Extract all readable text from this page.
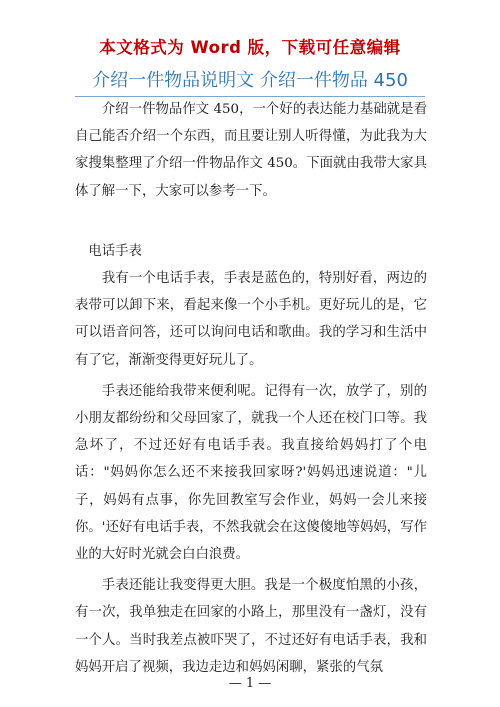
本文格式为 Word 版，下载可任意编辑
介绍一件物品说明文 介绍一件物品 450

介绍一件物品作文 450，一个好的表达能力基础就是看自己能否介绍一个东西，而且要让别人听得懂，为此我为大家搜集整理了介绍一件物品作文 450。下面就由我带大家具体了解一下，大家可以参考一下。

电话手表

我有一个电话手表，手表是蓝色的，特别好看，两边的表带可以卸下来，看起来像一个小手机。更好玩儿的是，它可以语音问答，还可以询问电话和歌曲。我的学习和生活中有了它，渐渐变得更好玩儿了。

手表还能给我带来便利呢。记得有一次，放学了，别的小朋友都纷纷和父母回家了，就我一个人还在校门口等。我急坏了，不过还好有电话手表。我直接给妈妈打了个电话："妈妈你怎么还不来接我回家呀?'妈妈迅速说道："儿子，妈妈有点事，你先回教室写会作业，妈妈一会儿来接你。'还好有电话手表，不然我就会在这傻傻地等妈妈，写作业的大好时光就会白白浪费。

手表还能让我变得更大胆。我是一个极度怕黑的小孩，有一次，我单独走在回家的小路上，那里没有一盏灯，没有一个人。当时我差点被吓哭了，不过还好有电话手表，我和妈妈开启了视频，我边走边和妈妈闲聊，紧张的气氛

— 1 —
